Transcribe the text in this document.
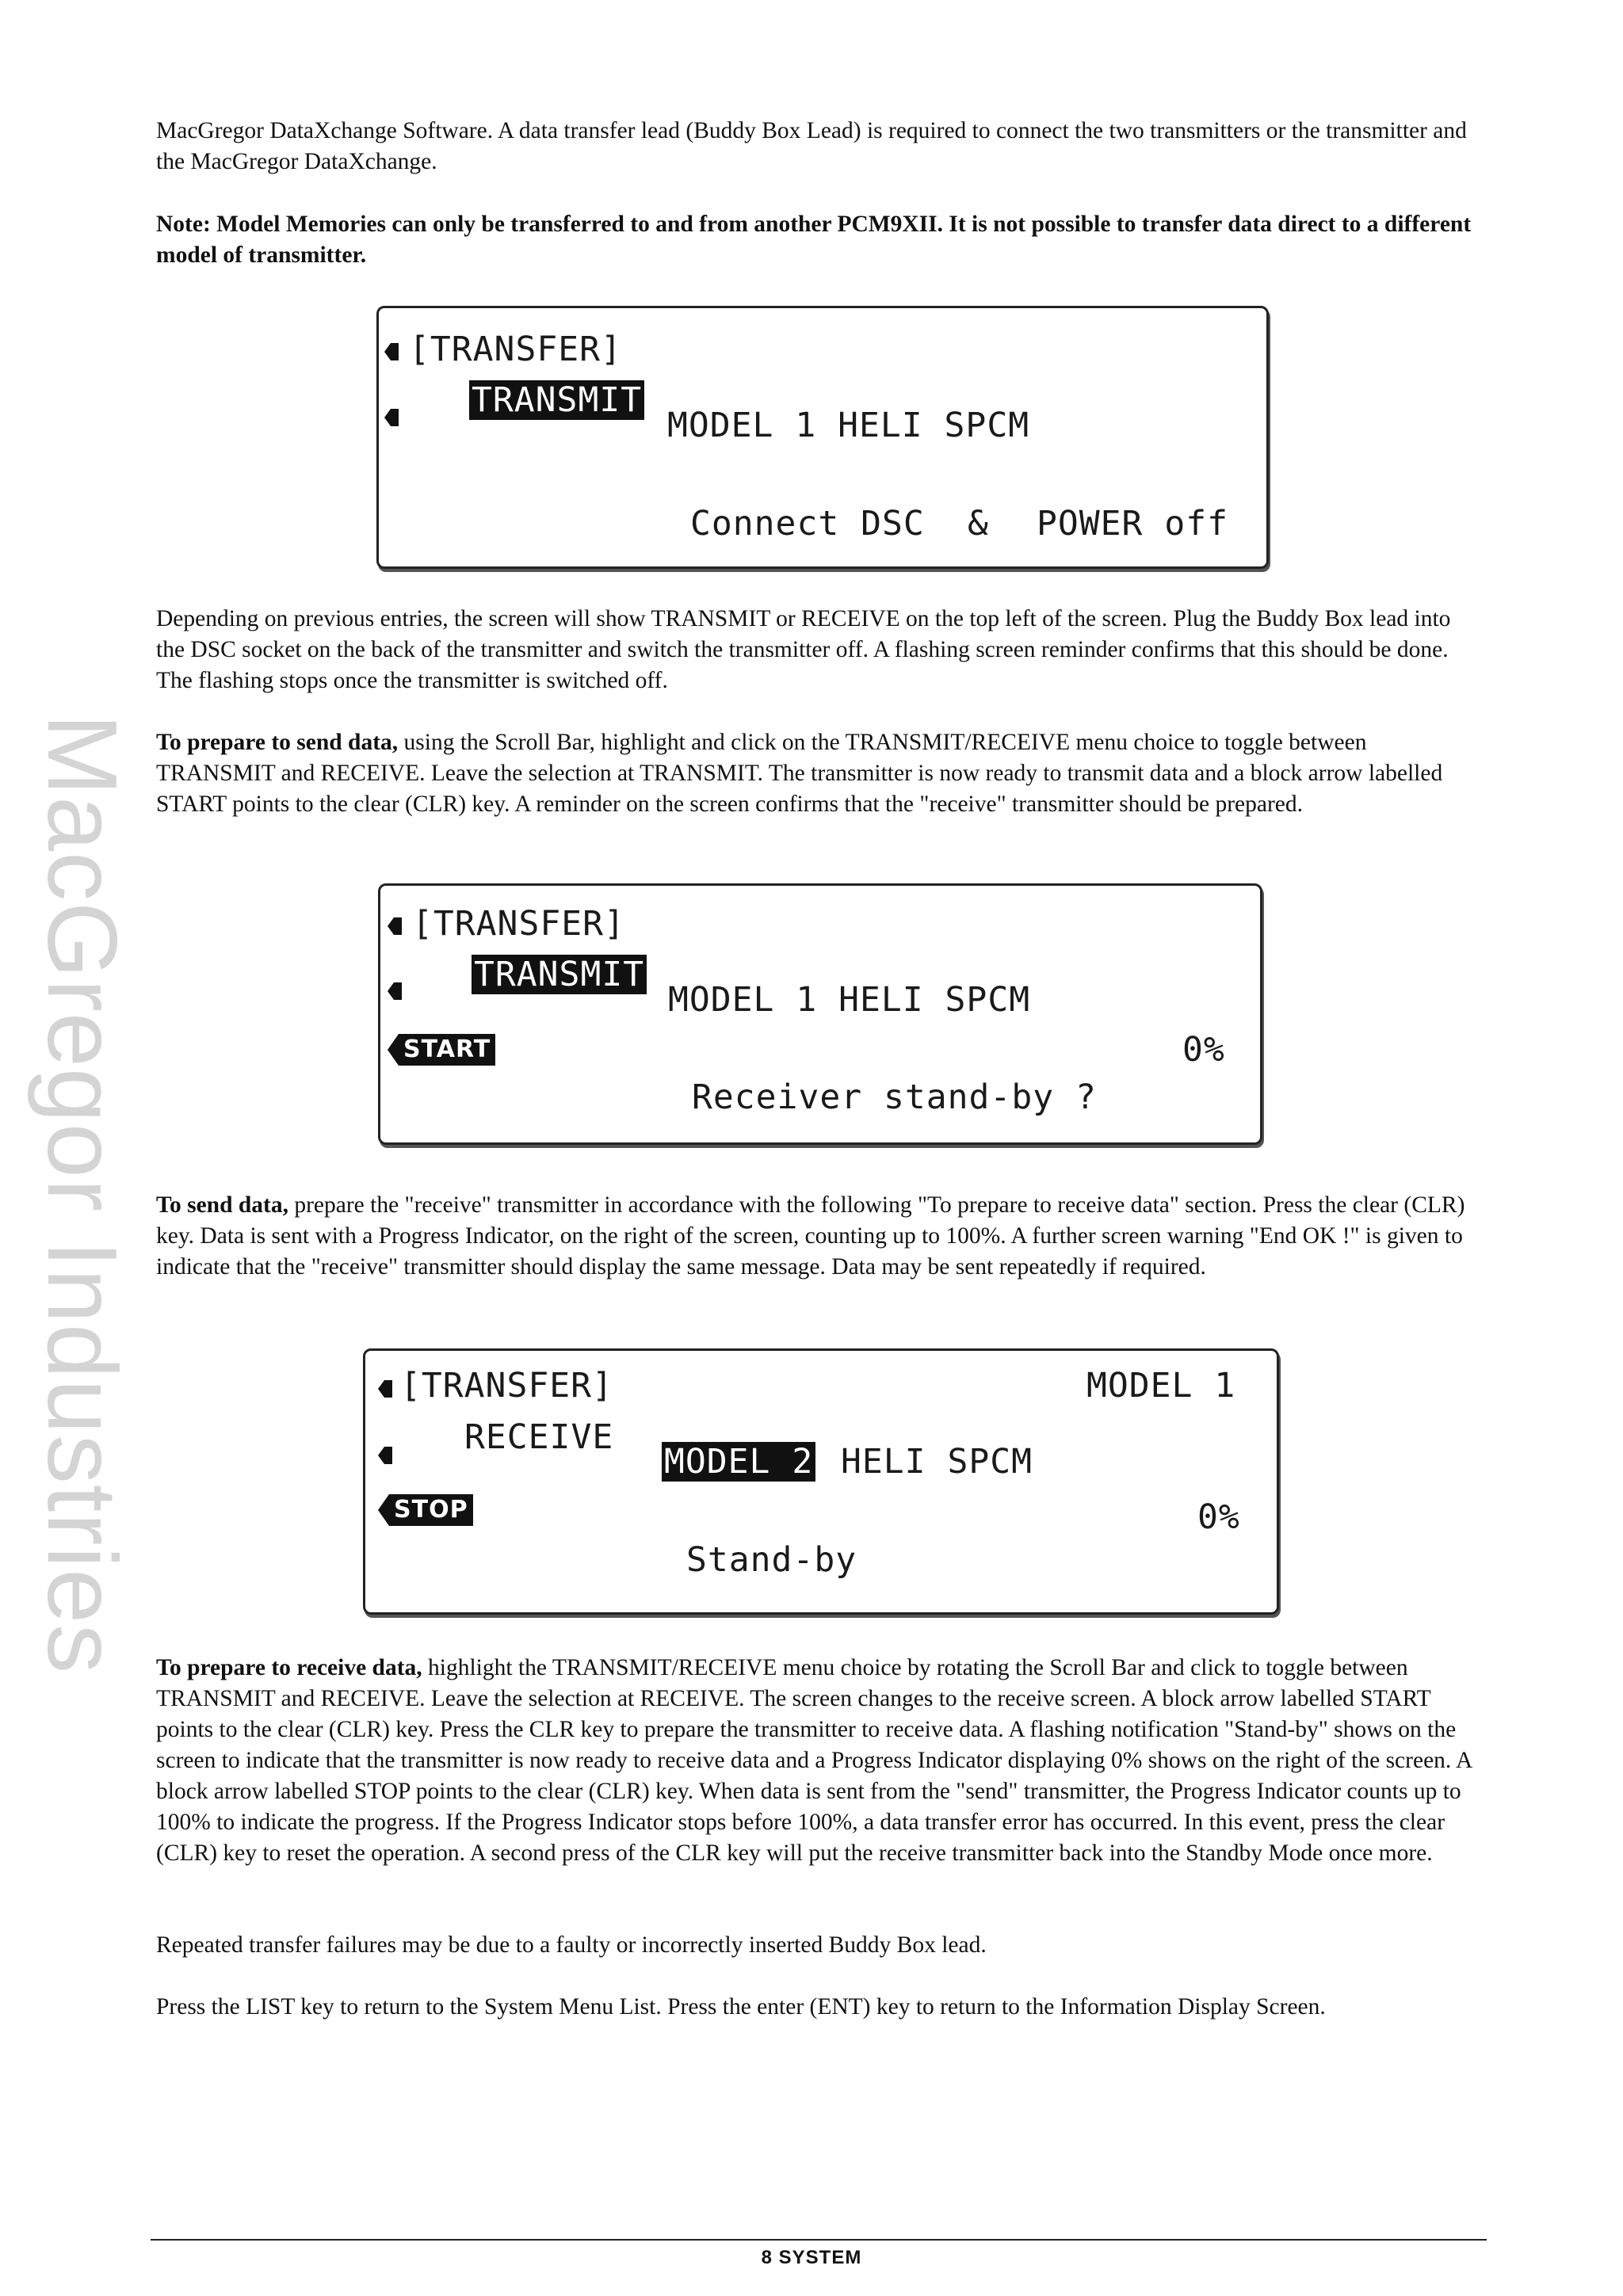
MacGregor Industries

MacGregor DataXchange Software. A data transfer lead (Buddy Box Lead) is required to connect the two transmitters or the transmitter and the MacGregor DataXchange.

Note: Model Memories can only be transferred to and from another PCM9XII. It is not possible to transfer data direct to a different model of transmitter.

[TRANSFER]
TRANSMIT
MODEL 1 HELI SPCM
Connect DSC & POWER off

Depending on previous entries, the screen will show TRANSMIT or RECEIVE on the top left of the screen. Plug the Buddy Box lead into the DSC socket on the back of the transmitter and switch the transmitter off. A flashing screen reminder confirms that this should be done. The flashing stops once the transmitter is switched off.

To prepare to send data, using the Scroll Bar, highlight and click on the TRANSMIT/RECEIVE menu choice to toggle between TRANSMIT and RECEIVE. Leave the selection at TRANSMIT. The transmitter is now ready to transmit data and a block arrow labelled START points to the clear (CLR) key. A reminder on the screen confirms that the "receive" transmitter should be prepared.

[TRANSFER]
TRANSMIT
MODEL 1 HELI SPCM
START	0%
Receiver stand-by ?

To send data, prepare the "receive" transmitter in accordance with the following "To prepare to receive data" section. Press the clear (CLR) key. Data is sent with a Progress Indicator, on the right of the screen, counting up to 100%. A further screen warning "End OK !" is given to indicate that the "receive" transmitter should display the same message. Data may be sent repeatedly if required.

[TRANSFER]	MODEL 1
RECEIVE
MODEL 2 HELI SPCM
STOP	0%
Stand-by

To prepare to receive data, highlight the TRANSMIT/RECEIVE menu choice by rotating the Scroll Bar and click to toggle between TRANSMIT and RECEIVE. Leave the selection at RECEIVE. The screen changes to the receive screen. A block arrow labelled START points to the clear (CLR) key. Press the CLR key to prepare the transmitter to receive data. A flashing notification "Stand-by" shows on the screen to indicate that the transmitter is now ready to receive data and a Progress Indicator displaying 0% shows on the right of the screen. A block arrow labelled STOP points to the clear (CLR) key. When data is sent from the "send" transmitter, the Progress Indicator counts up to 100% to indicate the progress. If the Progress Indicator stops before 100%, a data transfer error has occurred. In this event, press the clear (CLR) key to reset the operation. A second press of the CLR key will put the receive transmitter back into the Standby Mode once more.

Repeated transfer failures may be due to a faulty or incorrectly inserted Buddy Box lead.

Press the LIST key to return to the System Menu List. Press the enter (ENT) key to return to the Information Display Screen.

8 SYSTEM
